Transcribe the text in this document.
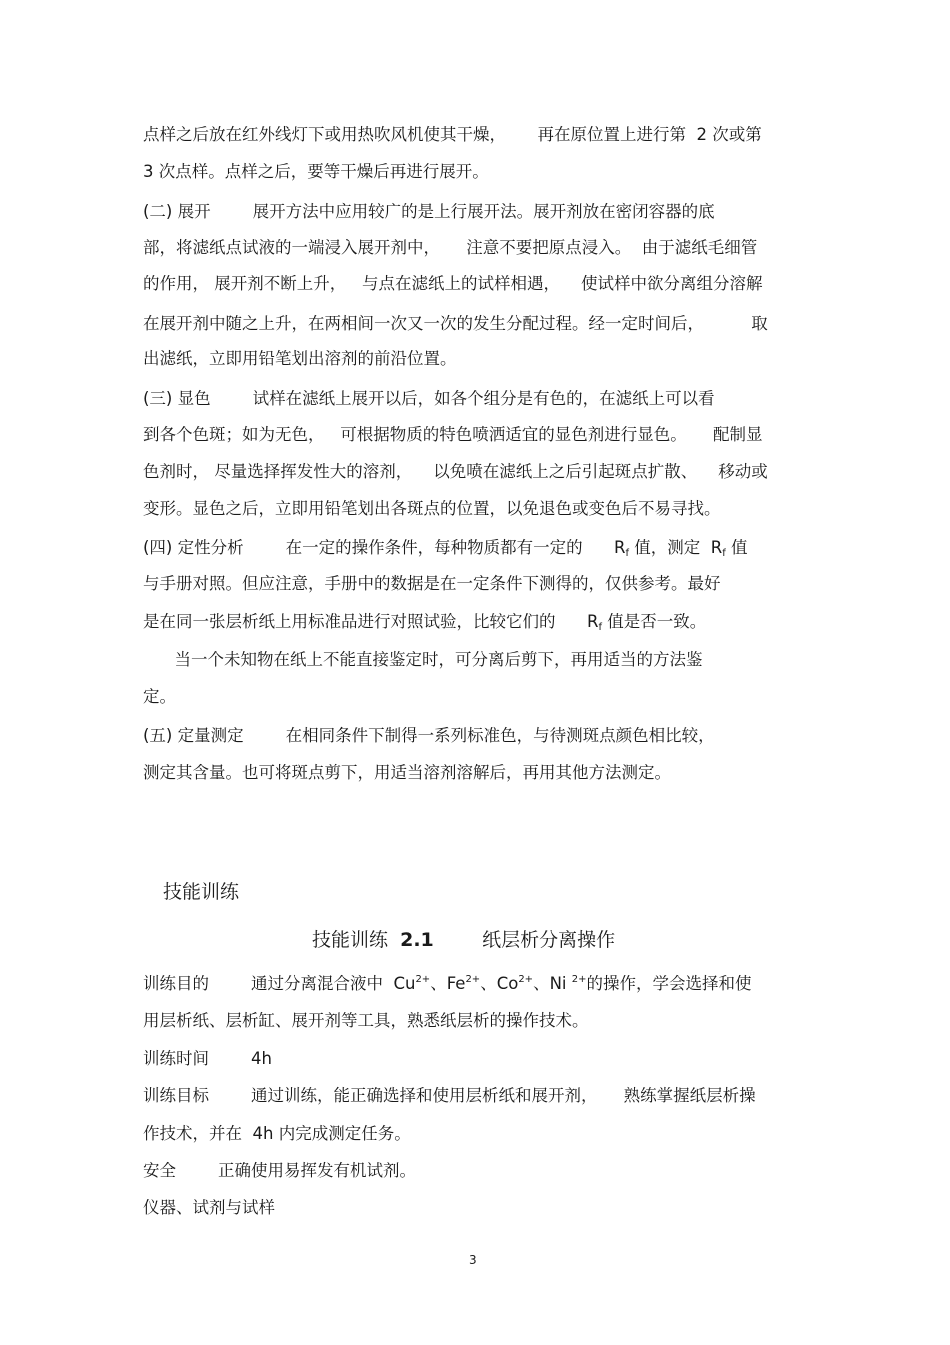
点样之后放在红外线灯下或用热吹风机使其干燥，      再在原位置上进行第  2 次或第
3 次点样。点样之后，要等干燥后再进行展开。
(二) 展开        展开方法中应用较广的是上行展开法。展开剂放在密闭容器的底
部，将滤纸点试液的一端浸入展开剂中，     注意不要把原点浸入。  由于滤纸毛细管
的作用， 展开剂不断上升，   与点在滤纸上的试样相遇，    使试样中欲分离组分溶解
在展开剂中随之上升，在两相间一次又一次的发生分配过程。经一定时间后，         取
出滤纸，立即用铅笔划出溶剂的前沿位置。
(三) 显色        试样在滤纸上展开以后，如各个组分是有色的，在滤纸上可以看
到各个色斑；如为无色，   可根据物质的特色喷洒适宜的显色剂进行显色。     配制显
色剂时， 尽量选择挥发性大的溶剂，    以免喷在滤纸上之后引起斑点扩散、    移动或
变形。显色之后，立即用铅笔划出各斑点的位置，以免退色或变色后不易寻找。
(四) 定性分析        在一定的操作条件，每种物质都有一定的      $R_f$ 值，测定  $R_f$ 值
与手册对照。但应注意，手册中的数据是在一定条件下测得的，仅供参考。最好
是在同一张层析纸上用标准品进行对照试验，比较它们的      $R_f$ 值是否一致。
当一个未知物在纸上不能直接鉴定时，可分离后剪下，再用适当的方法鉴
定。
(五) 定量测定        在相同条件下制得一系列标准色，与待测斑点颜色相比较，
测定其含量。也可将斑点剪下，用适当溶剂溶解后，再用其他方法测定。
技能训练
技能训练  2.1        纸层析分离操作
训练目的        通过分离混合液中  $Cu^{2+}$、$Fe^{2+}$、$Co^{2+}$、Ni $^{2+}$的操作，学会选择和使
用层析纸、层析缸、展开剂等工具，熟悉纸层析的操作技术。
训练时间        4h
训练目标        通过训练，能正确选择和使用层析纸和展开剂，     熟练掌握纸层析操
作技术，并在  4h 内完成测定任务。
安全        正确使用易挥发有机试剂。
仪器、试剂与试样
3
